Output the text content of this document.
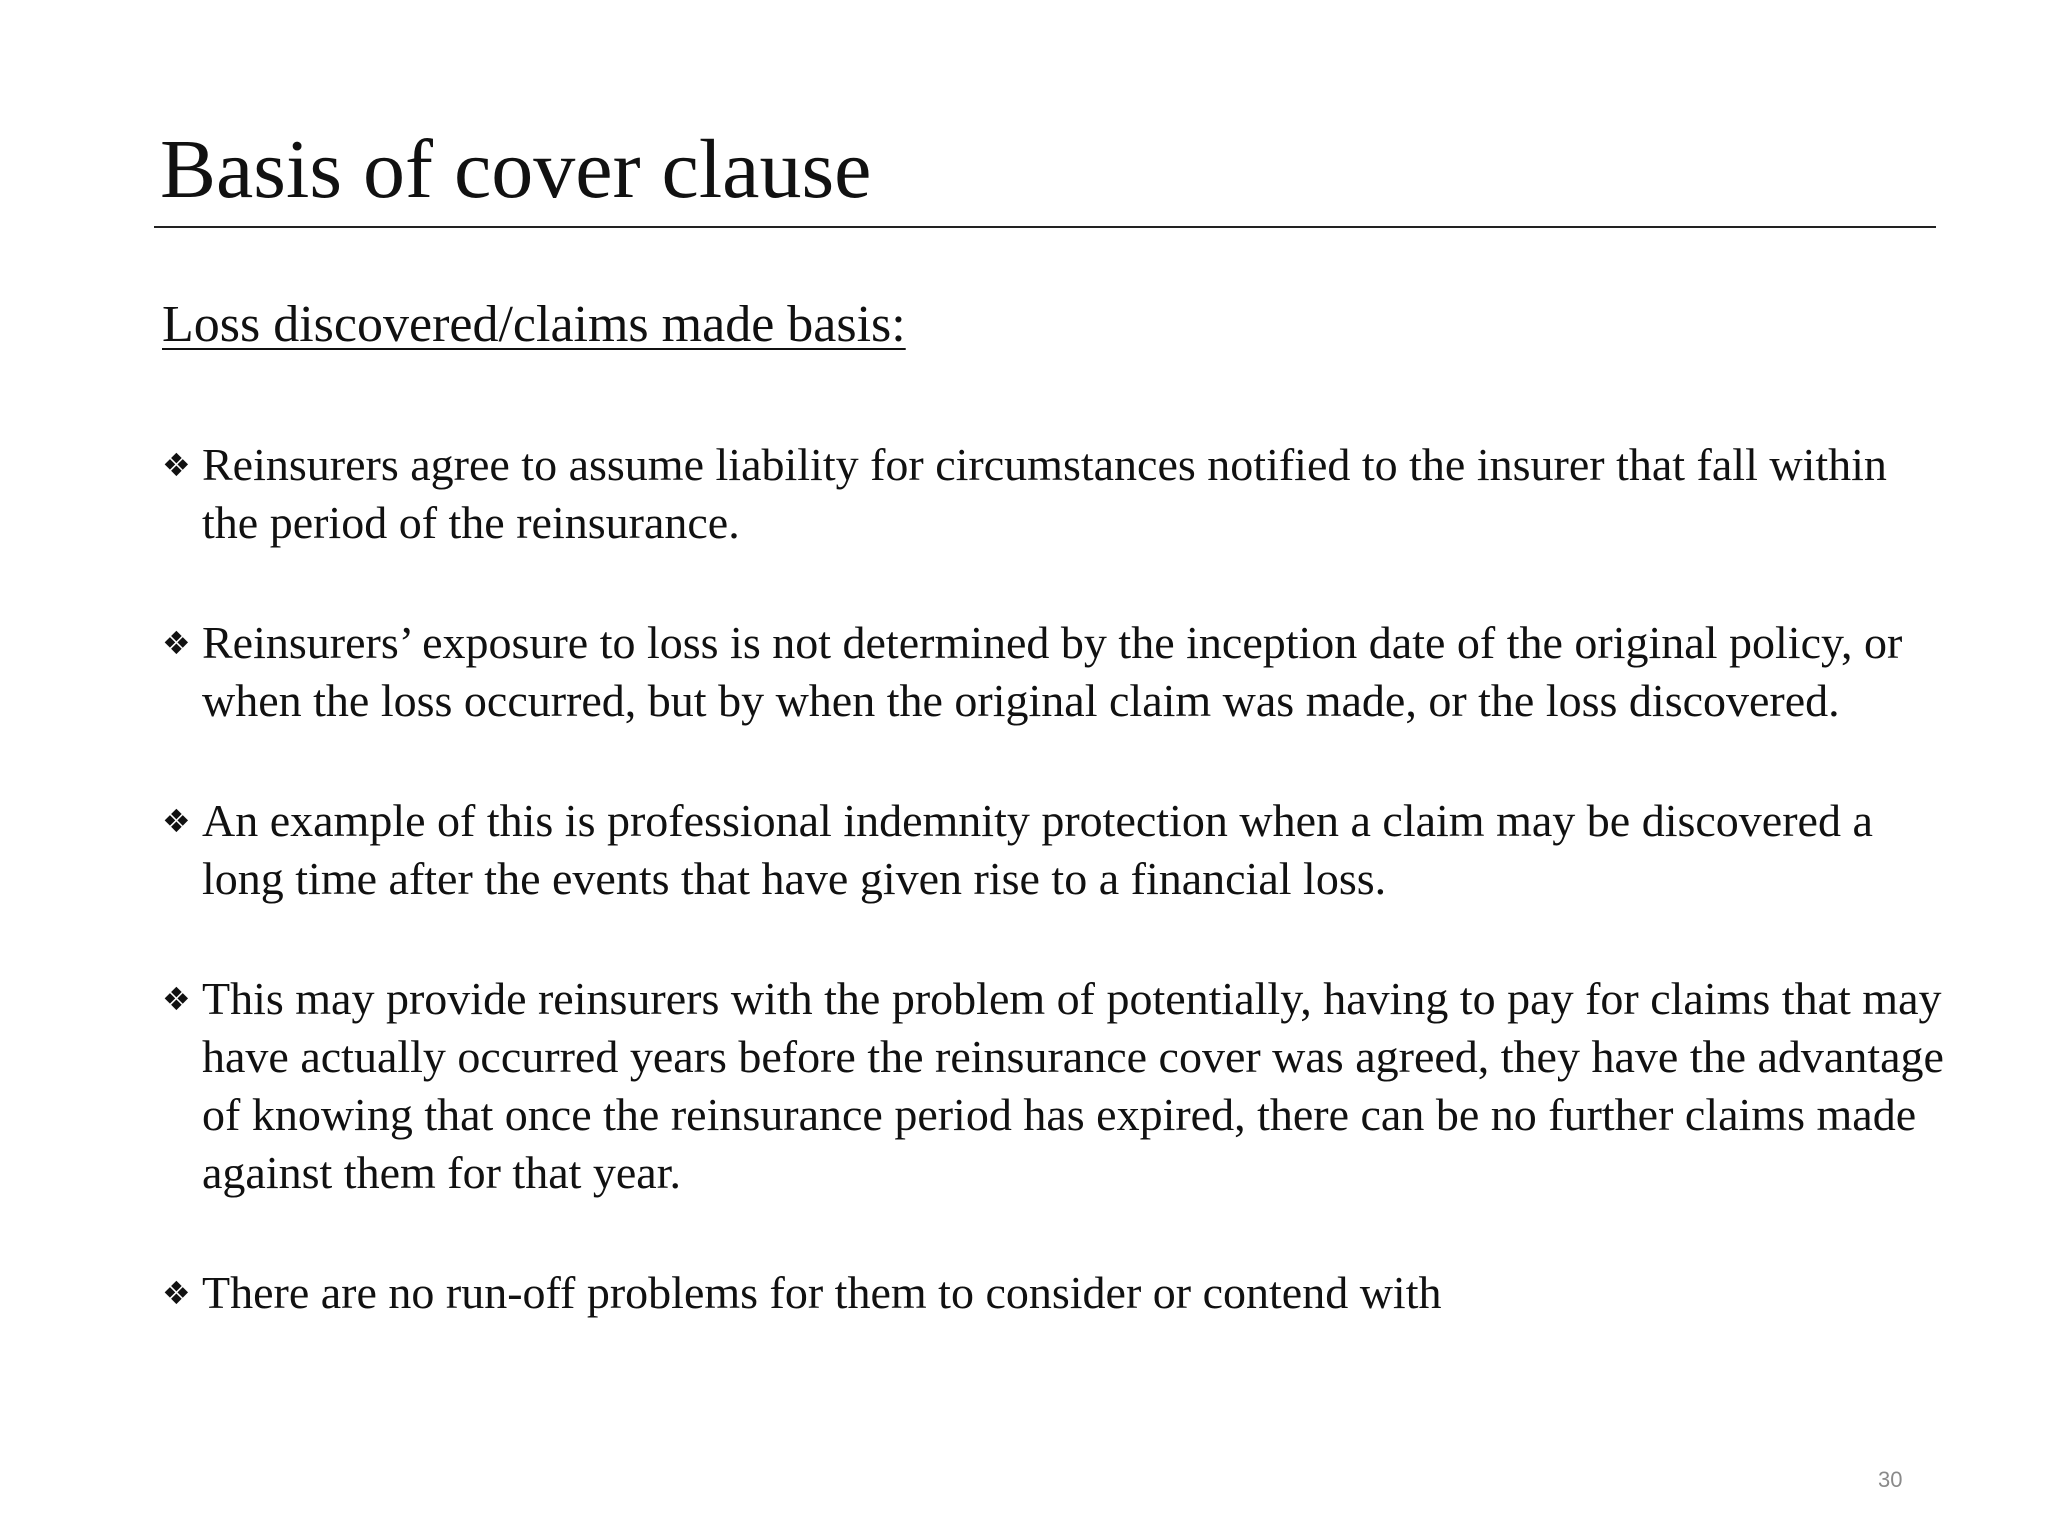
Basis of cover clause
Loss discovered/claims made basis:
❖ Reinsurers agree to assume liability for circumstances notified to the insurer that fall within the period of the reinsurance.
❖ Reinsurers’ exposure to loss is not determined by the inception date of the original policy, or when the loss occurred, but by when the original claim was made, or the loss discovered.
❖ An example of this is professional indemnity protection when a claim may be discovered a long time after the events that have given rise to a financial loss.
❖ This may provide reinsurers with the problem of potentially, having to pay for claims that may have actually occurred years before the reinsurance cover was agreed, they have the advantage of knowing that once the reinsurance period has expired, there can be no further claims made against them for that year.
❖ There are no run-off problems for them to consider or contend with
30
